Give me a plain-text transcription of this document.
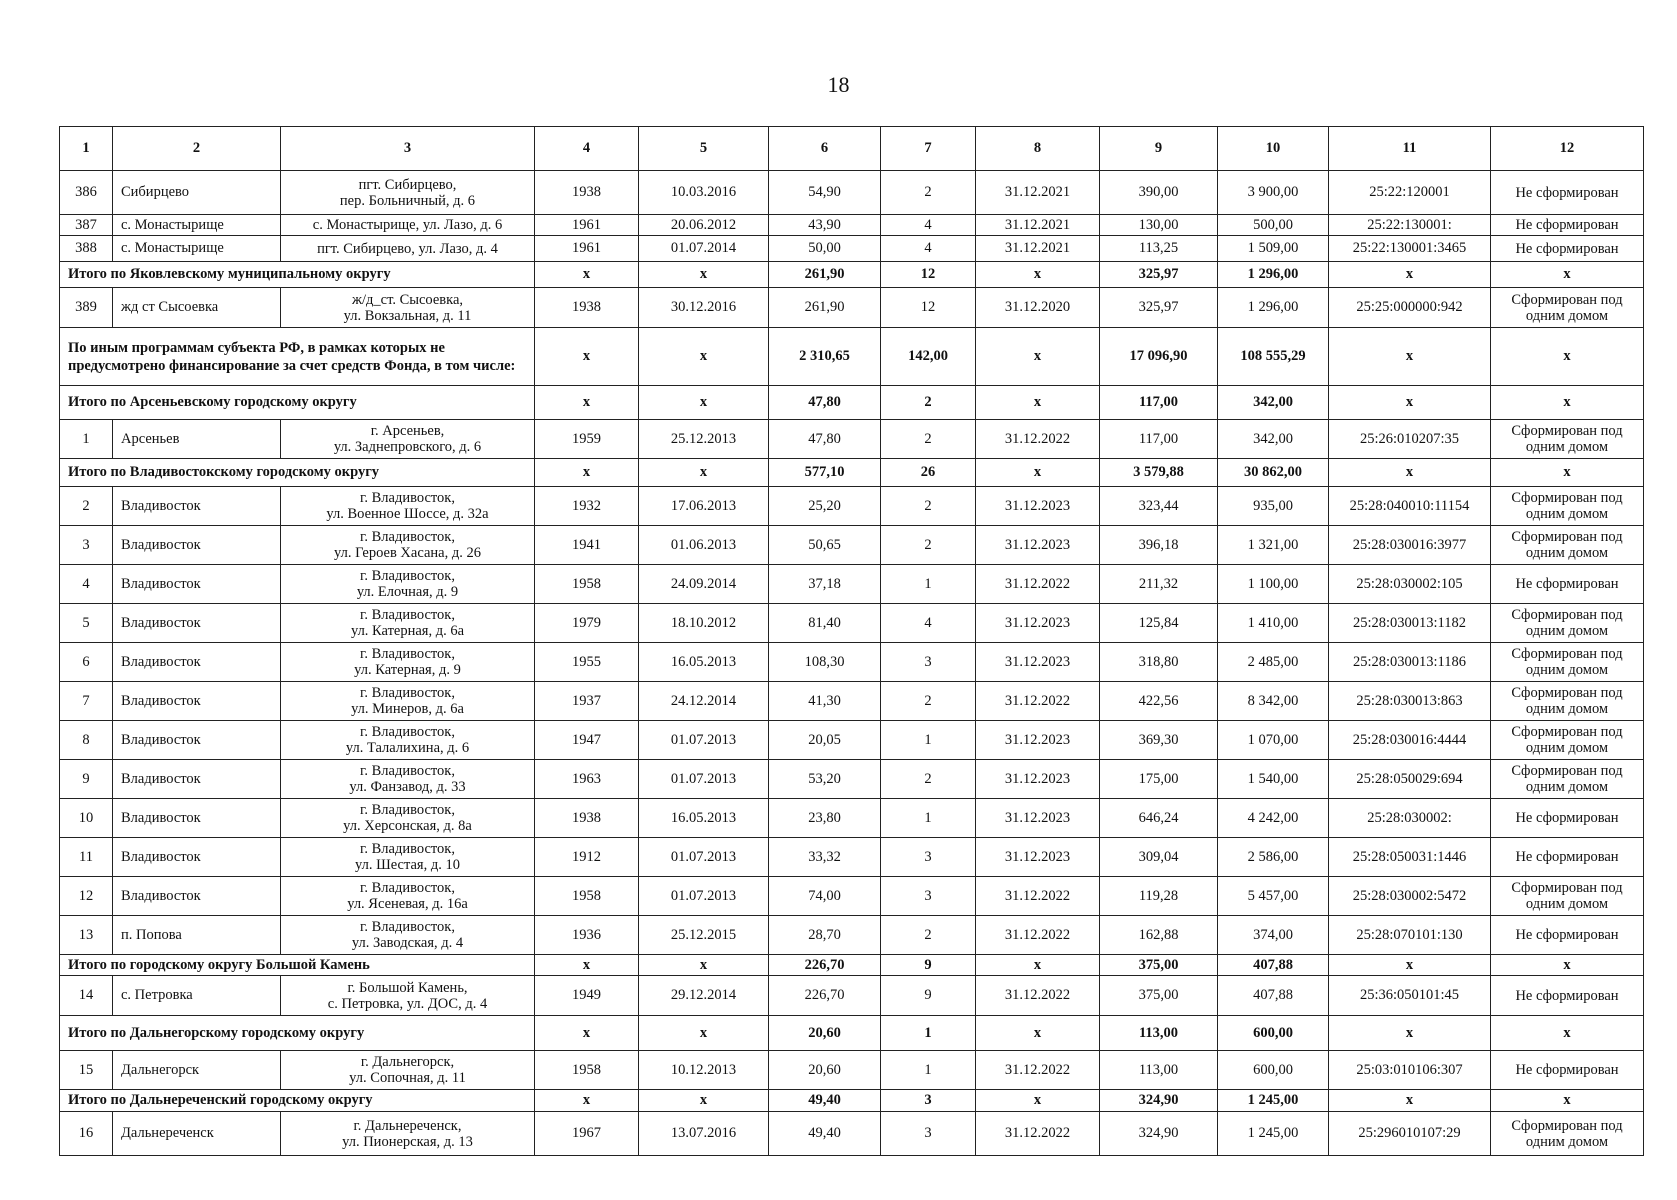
18
1	2	3	4	5	6	7	8	9	10	11	12
386	Сибирцево	пгт. Сибирцево,
пер. Больничный, д. 6	1938	10.03.2016	54,90	2	31.12.2021	390,00	3 900,00	25:22:120001	Не сформирован

387	с. Монастырище	с. Монастырище, ул. Лазо, д. 6	1961	20.06.2012	43,90	4	31.12.2021	130,00	500,00	25:22:130001:	Не сформирован

388	с. Монастырище	пгт. Сибирцево, ул. Лазо, д. 4	1961	01.07.2014	50,00	4	31.12.2021	113,25	1 509,00	25:22:130001:3465	Не сформирован

Итого по Яковлевскому муниципальному округу			x	x	261,90	12	x	325,97	1 296,00	x	x
389	жд ст Сысоевка	ж/д_ст. Сысоевка,
ул. Вокзальная, д. 11	1938	30.12.2016	261,90	12	31.12.2020	325,97	1 296,00	25:25:000000:942	Сформирован под
одним домом

По иным программам субъекта РФ, в рамках которых не предусмотрено финансирование за счет средств Фонда, в том числе:			x	x	2 310,65	142,00	x	17 096,90	108 555,29	x	x
Итого по Арсеньевскому городскому округу			x	x	47,80	2	x	117,00	342,00	x	x
1	Арсеньев	г. Арсеньев,
ул. Заднепровского, д. 6	1959	25.12.2013	47,80	2	31.12.2022	117,00	342,00	25:26:010207:35	Сформирован под
одним домом

Итого по Владивостокскому городскому округу			x	x	577,10	26	x	3 579,88	30 862,00	x	x
2	Владивосток	г. Владивосток,
ул. Военное Шоссе, д. 32а	1932	17.06.2013	25,20	2	31.12.2023	323,44	935,00	25:28:040010:11154	Сформирован под
одним домом

3	Владивосток	г. Владивосток,
ул. Героев Хасана, д. 26	1941	01.06.2013	50,65	2	31.12.2023	396,18	1 321,00	25:28:030016:3977	Сформирован под
одним домом

4	Владивосток	г. Владивосток,
ул. Елочная, д. 9	1958	24.09.2014	37,18	1	31.12.2022	211,32	1 100,00	25:28:030002:105	Не сформирован

5	Владивосток	г. Владивосток,
ул. Катерная, д. 6а	1979	18.10.2012	81,40	4	31.12.2023	125,84	1 410,00	25:28:030013:1182	Сформирован под
одним домом

6	Владивосток	г. Владивосток,
ул. Катерная, д. 9	1955	16.05.2013	108,30	3	31.12.2023	318,80	2 485,00	25:28:030013:1186	Сформирован под
одним домом

7	Владивосток	г. Владивосток,
ул. Минеров, д. 6а	1937	24.12.2014	41,30	2	31.12.2022	422,56	8 342,00	25:28:030013:863	Сформирован под
одним домом

8	Владивосток	г. Владивосток,
ул. Талалихина, д. 6	1947	01.07.2013	20,05	1	31.12.2023	369,30	1 070,00	25:28:030016:4444	Сформирован под
одним домом

9	Владивосток	г. Владивосток,
ул. Фанзавод, д. 33	1963	01.07.2013	53,20	2	31.12.2023	175,00	1 540,00	25:28:050029:694	Сформирован под
одним домом

10	Владивосток	г. Владивосток,
ул. Херсонская, д. 8а	1938	16.05.2013	23,80	1	31.12.2023	646,24	4 242,00	25:28:030002:	Не сформирован

11	Владивосток	г. Владивосток,
ул. Шестая, д. 10	1912	01.07.2013	33,32	3	31.12.2023	309,04	2 586,00	25:28:050031:1446	Не сформирован

12	Владивосток	г. Владивосток,
ул. Ясеневая, д. 16а	1958	01.07.2013	74,00	3	31.12.2022	119,28	5 457,00	25:28:030002:5472	Сформирован под
одним домом

13	п. Попова	г. Владивосток,
ул. Заводская, д. 4	1936	25.12.2015	28,70	2	31.12.2022	162,88	374,00	25:28:070101:130	Не сформирован

Итого по городскому округу Большой Камень			x	x	226,70	9	x	375,00	407,88	x	x
14	с. Петровка	г. Большой Камень,
с. Петровка, ул. ДОС, д. 4	1949	29.12.2014	226,70	9	31.12.2022	375,00	407,88	25:36:050101:45	Не сформирован

Итого по Дальнегорскому городскому округу			x	x	20,60	1	x	113,00	600,00	x	x
15	Дальнегорск	г. Дальнегорск,
ул. Сопочная, д. 11	1958	10.12.2013	20,60	1	31.12.2022	113,00	600,00	25:03:010106:307	Не сформирован

Итого по Дальнереченский городскому округу			x	x	49,40	3	x	324,90	1 245,00	x	x
16	Дальнереченск	г. Дальнереченск,
ул. Пионерская, д. 13	1967	13.07.2016	49,40	3	31.12.2022	324,90	1 245,00	25:296010107:29	Сформирован под
одним домом
